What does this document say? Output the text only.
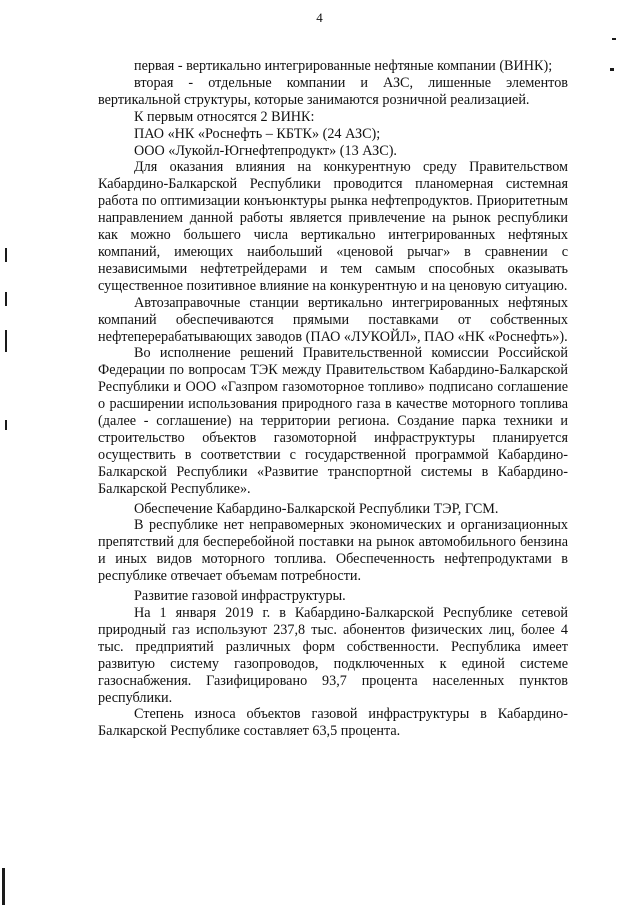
4

первая - вертикально интегрированные нефтяные компании (ВИНК);

вторая - отдельные компании и АЗС, лишенные элементов вертикальной структуры, которые занимаются розничной реализацией.

К первым относятся 2 ВИНК:

ПАО «НК «Роснефть – КБТК» (24 АЗС);

ООО «Лукойл-Югнефтепродукт» (13 АЗС).

Для оказания влияния на конкурентную среду Правительством Кабардино-Балкарской Республики проводится планомерная системная работа по оптимизации конъюнктуры рынка нефтепродуктов. Приоритетным направлением данной работы является привлечение на рынок республики как можно большего числа вертикально интегрированных нефтяных компаний, имеющих наибольший «ценовой рычаг» в сравнении с независимыми нефтетрейдерами и тем самым способных оказывать существенное позитивное влияние на конкурентную и на ценовую ситуацию.

Автозаправочные станции вертикально интегрированных нефтяных компаний обеспечиваются прямыми поставками от собственных нефтеперерабатывающих заводов (ПАО «ЛУКОЙЛ», ПАО «НК «Роснефть»).

Во исполнение решений Правительственной комиссии Российской Федерации по вопросам ТЭК между Правительством Кабардино-Балкарской Республики и ООО «Газпром газомоторное топливо» подписано соглашение о расширении использования природного газа в качестве моторного топлива (далее - соглашение) на территории региона. Создание парка техники и строительство объектов газомоторной инфраструктуры планируется осуществить в соответствии с государственной программой Кабардино-Балкарской Республики «Развитие транспортной системы в Кабардино-Балкарской Республике».

Обеспечение Кабардино-Балкарской Республики ТЭР, ГСМ.

В республике нет неправомерных экономических и организационных препятствий для бесперебойной поставки на рынок автомобильного бензина и иных видов моторного топлива. Обеспеченность нефтепродуктами в республике отвечает объемам потребности.

Развитие газовой инфраструктуры.

На 1 января 2019 г. в Кабардино-Балкарской Республике сетевой природный газ используют 237,8 тыс. абонентов физических лиц, более 4 тыс. предприятий различных форм собственности. Республика имеет развитую систему газопроводов, подключенных к единой системе газоснабжения. Газифицировано 93,7 процента населенных пунктов республики.

Степень износа объектов газовой инфраструктуры в Кабардино-Балкарской Республике составляет 63,5 процента.
